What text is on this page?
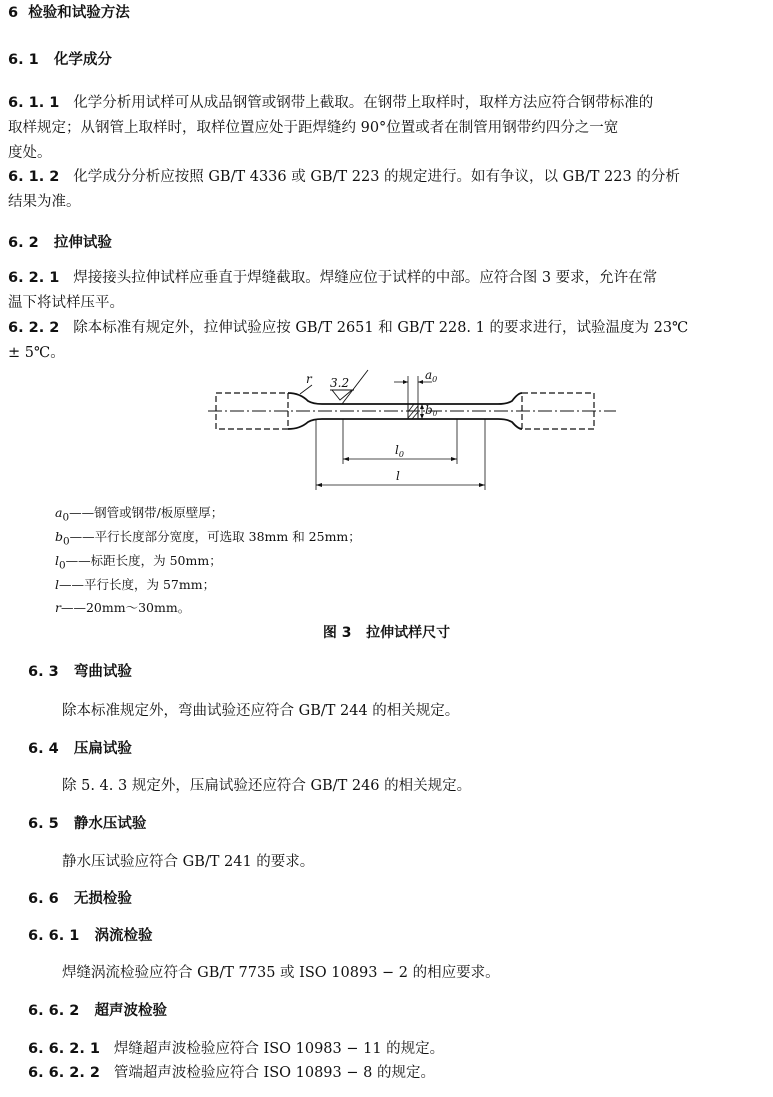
6 检验和试验方法
6. 1 化学成分
6. 1. 1 化学分析用试样可从成品钢管或钢带上截取。在钢带上取样时，取样方法应符合钢带标准的
取样规定；从钢管上取样时，取样位置应处于距焊缝约 90°位置或者在制管用钢带约四分之一宽
度处。
6. 1. 2 化学成分分析应按照 GB/T 4336 或 GB/T 223 的规定进行。如有争议，以 GB/T 223 的分析
结果为准。
6. 2 拉伸试验
6. 2. 1 焊接接头拉伸试样应垂直于焊缝截取。焊缝应位于试样的中部。应符合图 3 要求，允许在常
温下将试样压平。
6. 2. 2 除本标准有规定外，拉伸试验应按 GB/T 2651 和 GB/T 228. 1 的要求进行，试验温度为 23℃
± 5℃。
$a_0$
b0
3.2
r
$l_0$
l
$a_0——$钢管或钢带/板原壁厚；
$b_0——$平行长度部分宽度，可选取 38mm 和 25mm；
$l_0——$标距长度，为 50mm；
l——平行长度，为 57mm；
r——20mm～30mm。
图 3 拉伸试样尺寸
6. 3 弯曲试验
除本标准规定外，弯曲试验还应符合 GB/T 244 的相关规定。
6. 4 压扁试验
除 5. 4. 3 规定外，压扁试验还应符合 GB/T 246 的相关规定。
6. 5 静水压试验
静水压试验应符合 GB/T 241 的要求。
6. 6 无损检验
6. 6. 1 涡流检验
焊缝涡流检验应符合 GB/T 7735 或 ISO 10893 − 2 的相应要求。
6. 6. 2 超声波检验
6. 6. 2. 1 焊缝超声波检验应符合 ISO 10983 − 11 的规定。
6. 6. 2. 2 管端超声波检验应符合 ISO 10893 − 8 的规定。
